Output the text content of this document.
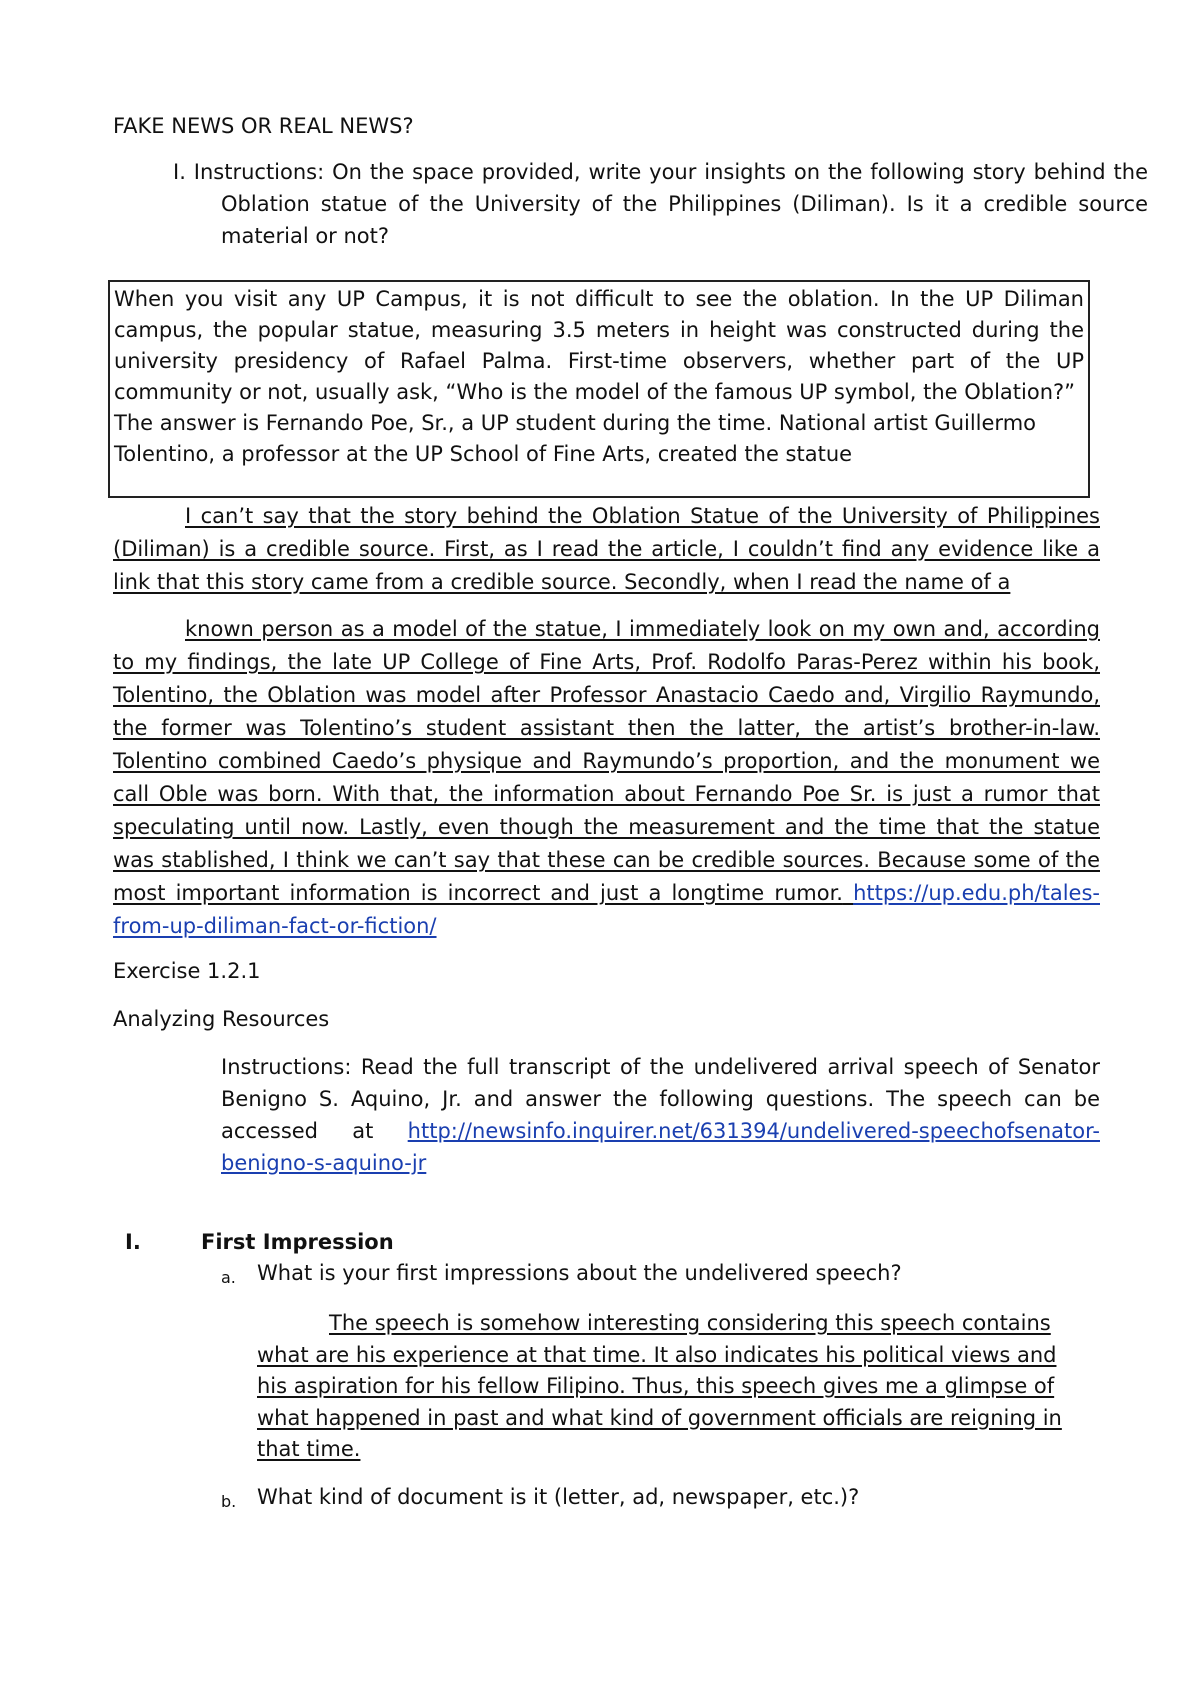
FAKE NEWS OR REAL NEWS?

I. Instructions: On the space provided, write your insights on the following story behind the Oblation statue of the University of the Philippines (Diliman). Is it a credible source material or not?

When you visit any UP Campus, it is not difficult to see the oblation. In the UP Diliman campus, the popular statue, measuring 3.5 meters in height was constructed during the university presidency of Rafael Palma. First-time observers, whether part of the UP community or not, usually ask, “Who is the model of the famous UP symbol, the Oblation?”
The answer is Fernando Poe, Sr., a UP student during the time. National artist Guillermo Tolentino, a professor at the UP School of Fine Arts, created the statue

I can’t say that the story behind the Oblation Statue of the University of Philippines (Diliman) is a credible source. First, as I read the article, I couldn’t find any evidence like a link that this story came from a credible source. Secondly, when I read the name of a

known person as a model of the statue, I immediately look on my own and, according to my findings, the late UP College of Fine Arts, Prof. Rodolfo Paras-Perez within his book, Tolentino, the Oblation was model after Professor Anastacio Caedo and, Virgilio Raymundo, the former was Tolentino’s student assistant then the latter, the artist’s brother-in-law. Tolentino combined Caedo’s physique and Raymundo’s proportion, and the monument we call Oble was born. With that, the information about Fernando Poe Sr. is just a rumor that speculating until now. Lastly, even though the measurement and the time that the statue was stablished, I think we can’t say that these can be credible sources. Because some of the most important information is incorrect and just a longtime rumor. https://up.edu.ph/tales-from-up-diliman-fact-or-fiction/

Exercise 1.2.1

Analyzing Resources

Instructions: Read the full transcript of the undelivered arrival speech of Senator Benigno S. Aquino, Jr. and answer the following questions. The speech can be accessed at http://newsinfo.inquirer.net/631394/undelivered-speechofsenator-benigno-s-aquino-jr

I.	First Impression

a. What is your first impressions about the undelivered speech?

The speech is somehow interesting considering this speech contains what are his experience at that time. It also indicates his political views and his aspiration for his fellow Filipino. Thus, this speech gives me a glimpse of what happened in past and what kind of government officials are reigning in that time.

b. What kind of document is it (letter, ad, newspaper, etc.)?
